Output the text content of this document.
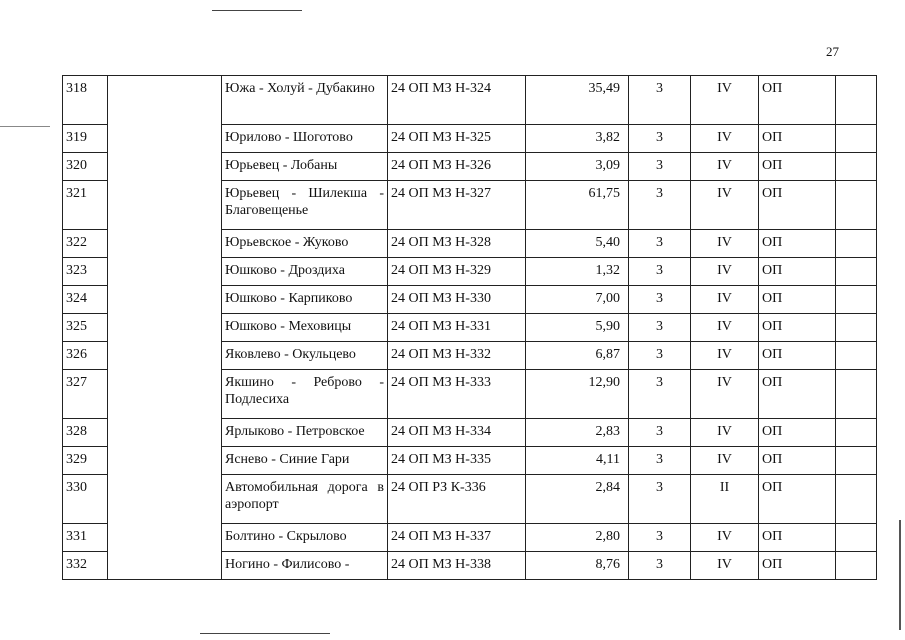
27
318		Южа - Холуй - Дубакино	24 ОП МЗ Н-324	35,49	3	IV	ОП	
319		Юрилово - Шоготово	24 ОП МЗ Н-325	3,82	3	IV	ОП	
320		Юрьевец - Лобаны	24 ОП МЗ Н-326	3,09	3	IV	ОП	
321		Юрьевец - Шилекша - Благовещенье	24 ОП МЗ Н-327	61,75	3	IV	ОП	
322		Юрьевское - Жуково	24 ОП МЗ Н-328	5,40	3	IV	ОП	
323		Юшково - Дроздиха	24 ОП МЗ Н-329	1,32	3	IV	ОП	
324		Юшково - Карпиково	24 ОП МЗ Н-330	7,00	3	IV	ОП	
325		Юшково - Меховицы	24 ОП МЗ Н-331	5,90	3	IV	ОП	
326		Яковлево - Окульцево	24 ОП МЗ Н-332	6,87	3	IV	ОП	
327		Якшино - Реброво - Подлесиха	24 ОП МЗ Н-333	12,90	3	IV	ОП	
328		Ярлыково - Петровское	24 ОП МЗ Н-334	2,83	3	IV	ОП	
329		Яснево - Синие Гари	24 ОП МЗ Н-335	4,11	3	IV	ОП	
330		Автомобильная дорога в аэропорт	24 ОП РЗ К-336	2,84	3	II	ОП	
331		Болтино - Скрылово	24 ОП МЗ Н-337	2,80	3	IV	ОП	
332		Ногино - Филисово -	24 ОП МЗ Н-338	8,76	3	IV	ОП	
